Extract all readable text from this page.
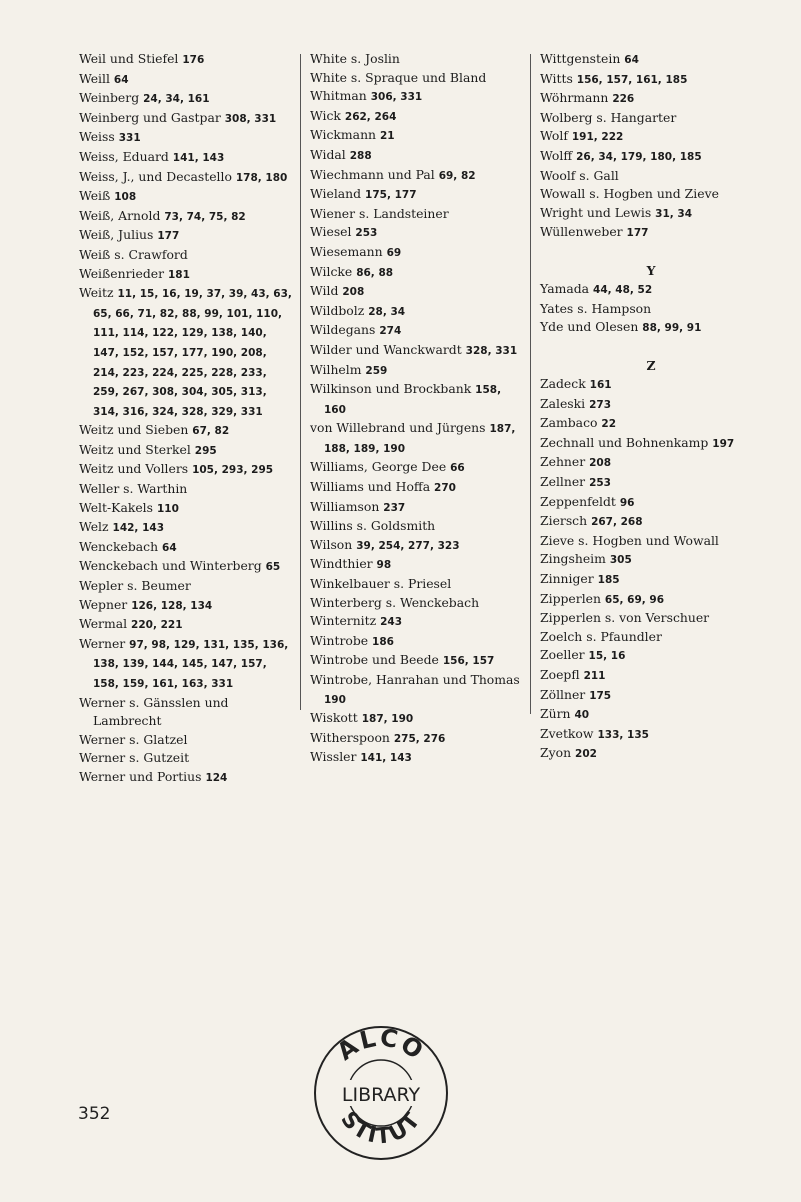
Weil und Stiefel 176
Weill 64
Weinberg 24, 34, 161
Weinberg und Gastpar 308, 331
Weiss 331
Weiss, Eduard 141, 143
Weiss, J., und Decastello 178, 180
Weiß 108
Weiß, Arnold 73, 74, 75, 82
Weiß, Julius 177
Weiß s. Crawford
Weißenrieder 181
Weitz 11, 15, 16, 19, 37, 39, 43, 63, 65, 66, 71, 82, 88, 99, 101, 110, 111, 114, 122, 129, 138, 140, 147, 152, 157, 177, 190, 208, 214, 223, 224, 225, 228, 233, 259, 267, 308, 304, 305, 313, 314, 316, 324, 328, 329, 331
Weitz und Sieben 67, 82
Weitz und Sterkel 295
Weitz und Vollers 105, 293, 295
Weller s. Warthin
Welt-Kakels 110
Welz 142, 143
Wenckebach 64
Wenckebach und Winterberg 65
Wepler s. Beumer
Wepner 126, 128, 134
Wermal 220, 221
Werner 97, 98, 129, 131, 135, 136, 138, 139, 144, 145, 147, 157, 158, 159, 161, 163, 331
Werner s. Gänsslen und Lambrecht
Werner s. Glatzel
Werner s. Gutzeit
Werner und Portius 124
White s. Joslin
White s. Spraque und Bland
Whitman 306, 331
Wick 262, 264
Wickmann 21
Widal 288
Wiechmann und Pal 69, 82
Wieland 175, 177
Wiener s. Landsteiner
Wiesel 253
Wiesemann 69
Wilcke 86, 88
Wild 208
Wildbolz 28, 34
Wildegans 274
Wilder und Wanckwardt 328, 331
Wilhelm 259
Wilkinson und Brockbank 158, 160
von Willebrand und Jürgens 187, 188, 189, 190
Williams, George Dee 66
Williams und Hoffa 270
Williamson 237
Willins s. Goldsmith
Wilson 39, 254, 277, 323
Windthier 98
Winkelbauer s. Priesel
Winterberg s. Wenckebach
Winternitz 243
Wintrobe 186
Wintrobe und Beede 156, 157
Wintrobe, Hanrahan und Thomas 190
Wiskott 187, 190
Witherspoon 275, 276
Wissler 141, 143
Wittgenstein 64
Witts 156, 157, 161, 185
Wöhrmann 226
Wolberg s. Hangarter
Wolf 191, 222
Wolff 26, 34, 179, 180, 185
Woolf s. Gall
Wowall s. Hogben und Zieve
Wright und Lewis 31, 34
Wüllenweber 177
Y
Yamada 44, 48, 52
Yates s. Hampson
Yde und Olesen 88, 99, 91
Z
Zadeck 161
Zaleski 273
Zambaco 22
Zechnall und Bohnenkamp 197
Zehner 208
Zellner 253
Zeppenfeldt 96
Ziersch 267, 268
Zieve s. Hogben und Wowall
Zingsheim 305
Zinniger 185
Zipperlen 65, 69, 96
Zipperlen s. von Verschuer
Zoelch s. Pfaundler
Zoeller 15, 16
Zoepfl 211
Zöllner 175
Zürn 40
Zvetkow 133, 135
Zyon 202
352
ALCO
LIBRARY
STITUT
